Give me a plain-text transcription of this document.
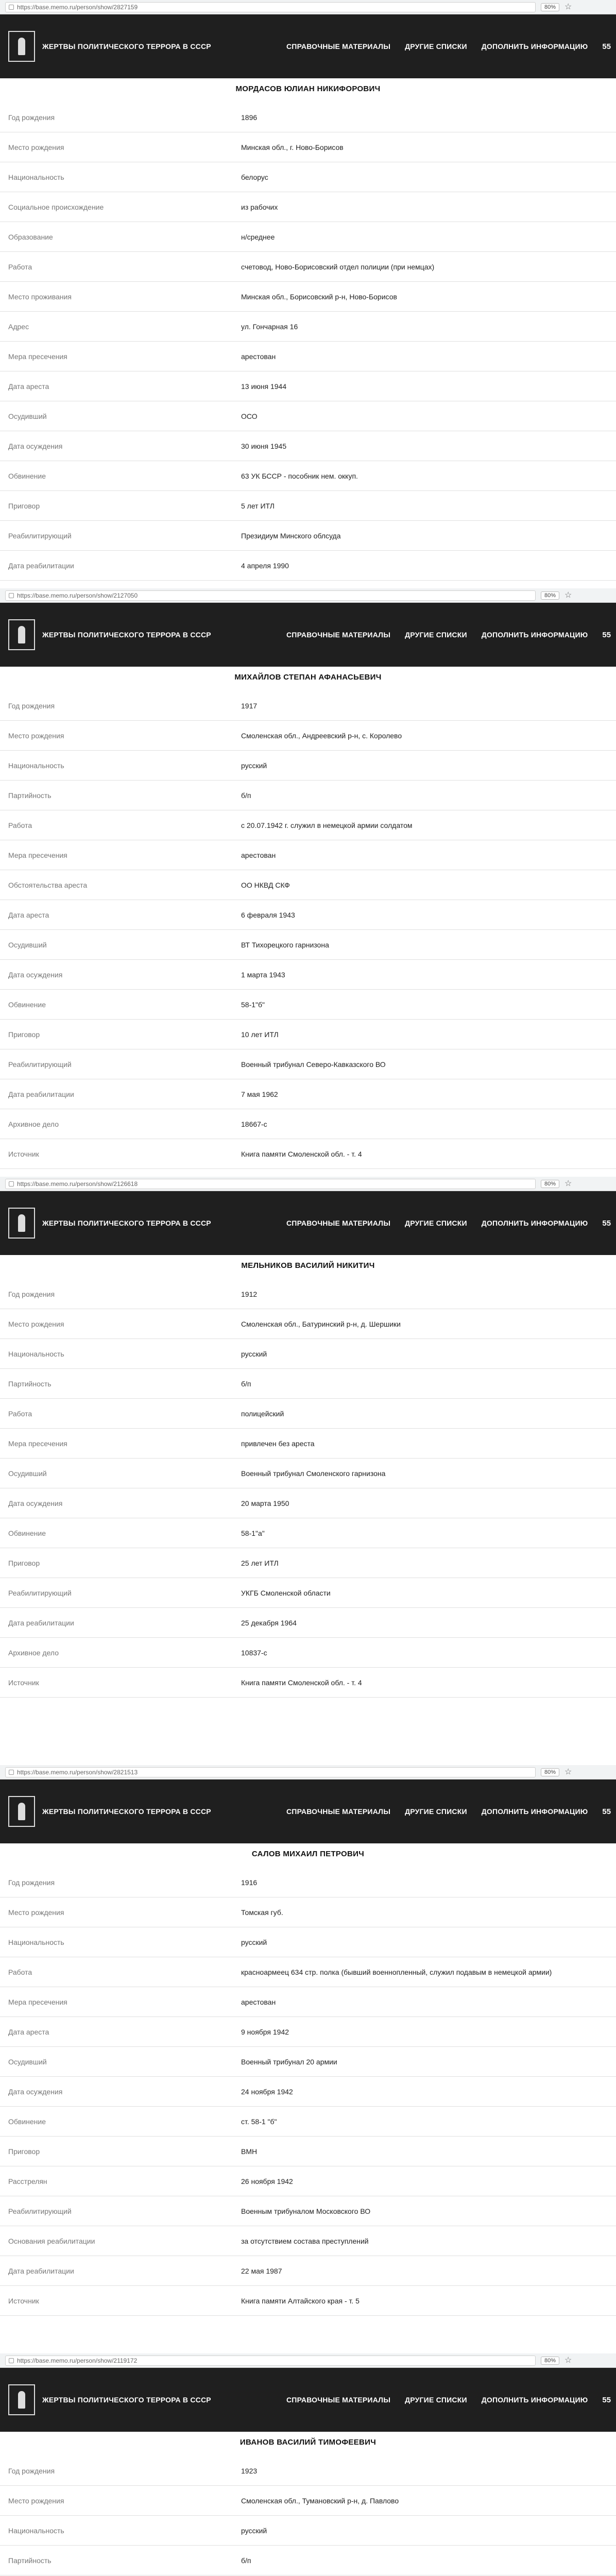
https://base.memo.ru/person/show/2827159	80%	☆
ЖЕРТВЫ ПОЛИТИЧЕСКОГО ТЕРРОРА В СССР	СПРАВОЧНЫЕ МАТЕРИАЛЫ ДРУГИЕ СПИСКИ ДОПОЛНИТЬ ИНФОРМАЦИЮ 55
МОРДАСОВ ЮЛИАН НИКИФОРОВИЧ
Год рождения	1896
Место рождения	Минская обл., г. Ново-Борисов
Национальность	белорус
Социальное происхождение	из рабочих
Образование	н/среднее
Работа	счетовод, Ново-Борисовский отдел полиции (при немцах)
Место проживания	Минская обл., Борисовский р-н, Ново-Борисов
Адрес	ул. Гончарная 16
Мера пресечения	арестован
Дата ареста	13 июня 1944
Осудивший	ОСО
Дата осуждения	30 июня 1945
Обвинение	63 УК БССР - пособник нем. оккуп.
Приговор	5 лет ИТЛ
Реабилитирующий	Президиум Минского облсуда
Дата реабилитации	4 апреля 1990
https://base.memo.ru/person/show/2127050	80%	☆
ЖЕРТВЫ ПОЛИТИЧЕСКОГО ТЕРРОРА В СССР	СПРАВОЧНЫЕ МАТЕРИАЛЫ ДРУГИЕ СПИСКИ ДОПОЛНИТЬ ИНФОРМАЦИЮ 55
МИХАЙЛОВ СТЕПАН АФАНАСЬЕВИЧ
Год рождения	1917
Место рождения	Смоленская обл., Андреевский р-н, с. Королево
Национальность	русский
Партийность	б/п
Работа	с 20.07.1942 г. служил в немецкой армии солдатом
Мера пресечения	арестован
Обстоятельства ареста	ОО НКВД СКФ
Дата ареста	6 февраля 1943
Осудивший	ВТ Тихорецкого гарнизона
Дата осуждения	1 марта 1943
Обвинение	58-1"б"
Приговор	10 лет ИТЛ
Реабилитирующий	Военный трибунал Северо-Кавказского ВО
Дата реабилитации	7 мая 1962
Архивное дело	18667-с
Источник	Книга памяти Смоленской обл. - т. 4
https://base.memo.ru/person/show/2126618	80%	☆
ЖЕРТВЫ ПОЛИТИЧЕСКОГО ТЕРРОРА В СССР	СПРАВОЧНЫЕ МАТЕРИАЛЫ ДРУГИЕ СПИСКИ ДОПОЛНИТЬ ИНФОРМАЦИЮ 55
МЕЛЬНИКОВ ВАСИЛИЙ НИКИТИЧ
Год рождения	1912
Место рождения	Смоленская обл., Батуринский р-н, д. Шершики
Национальность	русский
Партийность	б/п
Работа	полицейский
Мера пресечения	привлечен без ареста
Осудивший	Военный трибунал Смоленского гарнизона
Дата осуждения	20 марта 1950
Обвинение	58-1"а"
Приговор	25 лет ИТЛ
Реабилитирующий	УКГБ Смоленской области
Дата реабилитации	25 декабря 1964
Архивное дело	10837-с
Источник	Книга памяти Смоленской обл. - т. 4
https://base.memo.ru/person/show/2821513	80%	☆
ЖЕРТВЫ ПОЛИТИЧЕСКОГО ТЕРРОРА В СССР	СПРАВОЧНЫЕ МАТЕРИАЛЫ ДРУГИЕ СПИСКИ ДОПОЛНИТЬ ИНФОРМАЦИЮ 55
САЛОВ МИХАИЛ ПЕТРОВИЧ
Год рождения	1916
Место рождения	Томская губ.
Национальность	русский
Работа	красноармеец 634 стр. полка (бывший военнопленный, служил подавым в немецкой армии)
Мера пресечения	арестован
Дата ареста	9 ноября 1942
Осудивший	Военный трибунал 20 армии
Дата осуждения	24 ноября 1942
Обвинение	ст. 58-1 "б"
Приговор	ВМН
Расстрелян	26 ноября 1942
Реабилитирующий	Военным трибуналом Московского ВО
Основания реабилитации	за отсутствием состава преступлений
Дата реабилитации	22 мая 1987
Источник	Книга памяти Алтайского края - т. 5
https://base.memo.ru/person/show/2119172	80%	☆
ЖЕРТВЫ ПОЛИТИЧЕСКОГО ТЕРРОРА В СССР	СПРАВОЧНЫЕ МАТЕРИАЛЫ ДРУГИЕ СПИСКИ ДОПОЛНИТЬ ИНФОРМАЦИЮ 55
ИВАНОВ ВАСИЛИЙ ТИМОФЕЕВИЧ
Год рождения	1923
Место рождения	Смоленская обл., Тумановский р-н, д. Павлово
Национальность	русский
Партийность	б/п
